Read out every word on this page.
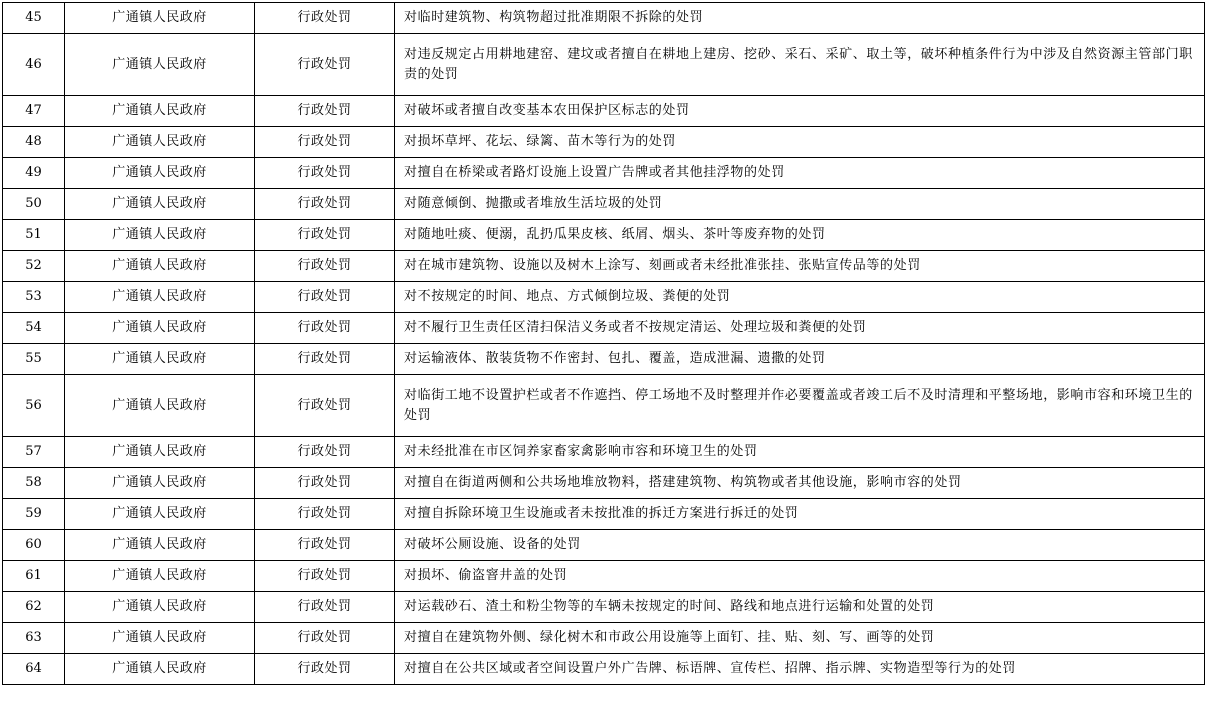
45	广通镇人民政府	行政处罚	对临时建筑物、构筑物超过批准期限不拆除的处罚
46	广通镇人民政府	行政处罚	对违反规定占用耕地建窑、建坟或者擅自在耕地上建房、挖砂、采石、采矿、取土等，破坏种植条件行为中涉及自然资源主管部门职责的处罚
47	广通镇人民政府	行政处罚	对破坏或者擅自改变基本农田保护区标志的处罚
48	广通镇人民政府	行政处罚	对损坏草坪、花坛、绿篱、苗木等行为的处罚
49	广通镇人民政府	行政处罚	对擅自在桥梁或者路灯设施上设置广告牌或者其他挂浮物的处罚
50	广通镇人民政府	行政处罚	对随意倾倒、抛撒或者堆放生活垃圾的处罚
51	广通镇人民政府	行政处罚	对随地吐痰、便溺，乱扔瓜果皮核、纸屑、烟头、茶叶等废弃物的处罚
52	广通镇人民政府	行政处罚	对在城市建筑物、设施以及树木上涂写、刻画或者未经批准张挂、张贴宣传品等的处罚
53	广通镇人民政府	行政处罚	对不按规定的时间、地点、方式倾倒垃圾、粪便的处罚
54	广通镇人民政府	行政处罚	对不履行卫生责任区清扫保洁义务或者不按规定清运、处理垃圾和粪便的处罚
55	广通镇人民政府	行政处罚	对运输液体、散装货物不作密封、包扎、覆盖，造成泄漏、遗撒的处罚
56	广通镇人民政府	行政处罚	对临街工地不设置护栏或者不作遮挡、停工场地不及时整理并作必要覆盖或者竣工后不及时清理和平整场地，影响市容和环境卫生的处罚
57	广通镇人民政府	行政处罚	对未经批准在市区饲养家畜家禽影响市容和环境卫生的处罚
58	广通镇人民政府	行政处罚	对擅自在街道两侧和公共场地堆放物料，搭建建筑物、构筑物或者其他设施，影响市容的处罚
59	广通镇人民政府	行政处罚	对擅自拆除环境卫生设施或者未按批准的拆迁方案进行拆迁的处罚
60	广通镇人民政府	行政处罚	对破坏公厕设施、设备的处罚
61	广通镇人民政府	行政处罚	对损坏、偷盗窨井盖的处罚
62	广通镇人民政府	行政处罚	对运载砂石、渣土和粉尘物等的车辆未按规定的时间、路线和地点进行运输和处置的处罚
63	广通镇人民政府	行政处罚	对擅自在建筑物外侧、绿化树木和市政公用设施等上面钉、挂、贴、刻、写、画等的处罚
64	广通镇人民政府	行政处罚	对擅自在公共区域或者空间设置户外广告牌、标语牌、宣传栏、招牌、指示牌、实物造型等行为的处罚
